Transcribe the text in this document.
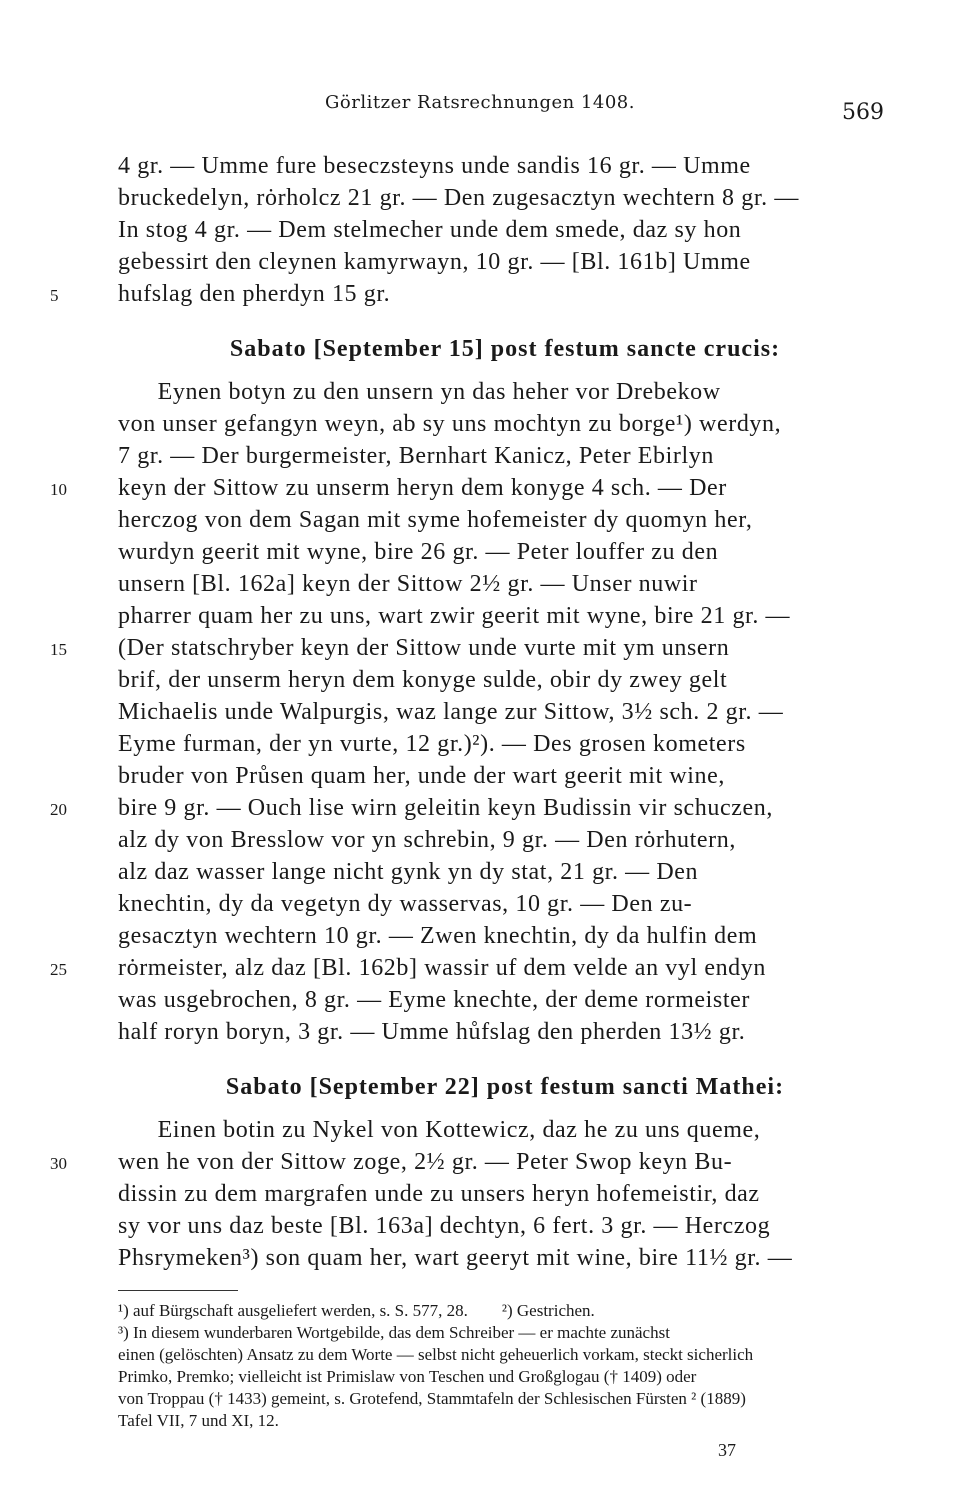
Görlitzer Ratsrechnungen 1408.	569
4 gr. — Umme fure beseczsteyns unde sandis 16 gr. — Umme
bruckedelyn, rȯrholcz 21 gr. — Den zugesacztyn wechtern 8 gr. —
In stog 4 gr. — Dem stelmecher unde dem smede, daz sy hon
gebessirt den cleynen kamyrwayn, 10 gr. — [Bl. 161b] Umme
hufslag den pherdyn 15 gr.
5
Sabato [September 15] post festum sancte crucis:
Eynen botyn zu den unsern yn das heher vor Drebekow
von unser gefangyn weyn, ab sy uns mochtyn zu borge¹) werdyn,
7 gr. — Der burgermeister, Bernhart Kanicz, Peter Ebirlyn
keyn der Sittow zu unserm heryn dem konyge 4 sch. — Der
10
herczog von dem Sagan mit syme hofemeister dy quomyn her,
wurdyn geerit mit wyne, bire 26 gr. — Peter louffer zu den
unsern [Bl. 162a] keyn der Sittow 2½ gr. — Unser nuwir
pharrer quam her zu uns, wart zwir geerit mit wyne, bire 21 gr. —
(Der statschryber keyn der Sittow unde vurte mit ym unsern
15
brif, der unserm heryn dem konyge sulde, obir dy zwey gelt
Michaelis unde Walpurgis, waz lange zur Sittow, 3½ sch. 2 gr. —
Eyme furman, der yn vurte, 12 gr.)²). — Des grosen kometers
bruder von Průsen quam her, unde der wart geerit mit wine,
bire 9 gr. — Ouch lise wirn geleitin keyn Budissin vir schuczen,
20
alz dy von Bresslow vor yn schrebin, 9 gr. — Den rȯrhutern,
alz daz wasser lange nicht gynk yn dy stat, 21 gr. — Den
knechtin, dy da vegetyn dy wasservas, 10 gr. — Den zu-
gesacztyn wechtern 10 gr. — Zwen knechtin, dy da hulfin dem
rȯrmeister, alz daz [Bl. 162b] wassir uf dem velde an vyl endyn
25
was usgebrochen, 8 gr. — Eyme knechte, der deme rormeister
half roryn boryn, 3 gr. — Umme hůfslag den pherden 13½ gr.
Sabato [September 22] post festum sancti Mathei:
Einen botin zu Nykel von Kottewicz, daz he zu uns queme,
wen he von der Sittow zoge, 2½ gr. — Peter Swop keyn Bu-
30
dissin zu dem margrafen unde zu unsers heryn hofemeistir, daz
sy vor uns daz beste [Bl. 163a] dechtyn, 6 fert. 3 gr. — Herczog
Phsrymeken³) son quam her, wart geeryt mit wine, bire 11½ gr. —
¹) auf Bürgschaft ausgeliefert werden, s. S. 577, 28.        ²) Gestrichen.
³) In diesem wunderbaren Wortgebilde, das dem Schreiber — er machte zunächst
einen (gelöschten) Ansatz zu dem Worte — selbst nicht geheuerlich vorkam, steckt sicherlich
Primko, Premko; vielleicht ist Primislaw von Teschen und Großglogau († 1409) oder
von Troppau († 1433) gemeint, s. Grotefend, Stammtafeln der Schlesischen Fürsten ² (1889)
Tafel VII, 7 und XI, 12.
37
